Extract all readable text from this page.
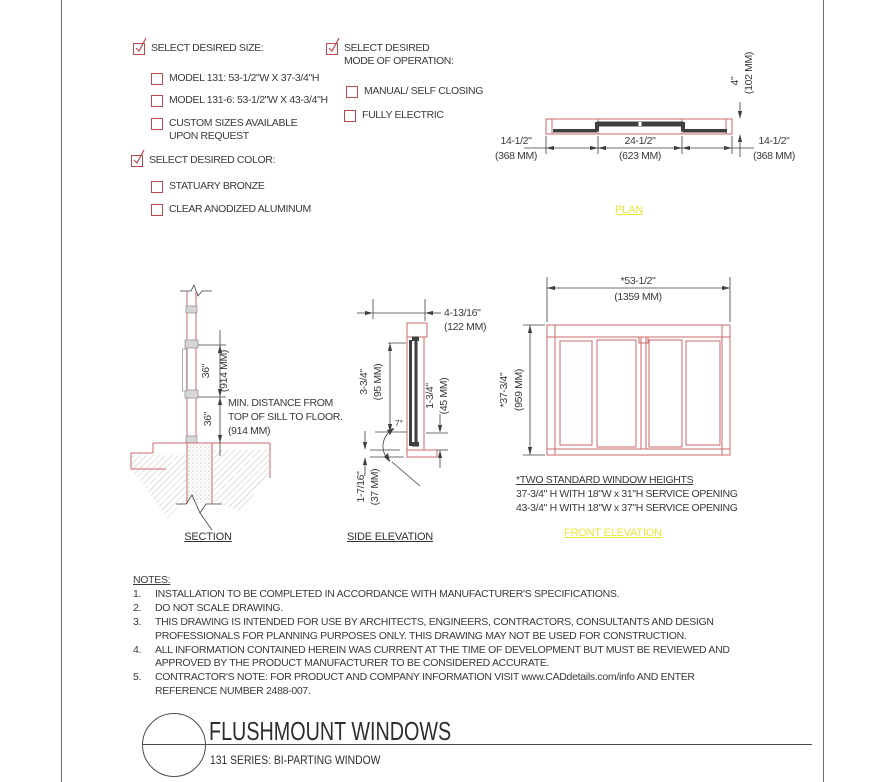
SELECT DESIRED SIZE:
MODEL 131: 53-1/2"W X 37-3/4"H
MODEL 131-6: 53-1/2"W X 43-3/4"H
CUSTOM SIZES AVAILABLE
UPON REQUEST
SELECT DESIRED COLOR:
STATUARY BRONZE
CLEAR ANODIZED ALUMINUM
SELECT DESIRED
MODE OF OPERATION:
MANUAL/ SELF CLOSING
FULLY ELECTRIC
14-1/2"
(368 MM)
24-1/2"
(623 MM)
14-1/2"
(368 MM)
4" (102 MM)
PLAN
36" (914 MM)
36"
MIN. DISTANCE FROM
TOP OF SILL TO FLOOR.
(914 MM)
SECTION
4-13/16"
(122 MM)
3-3/4" (95 MM)	1-3/4" (45 MM)
1-7/16" (37 MM)
7°
SIDE ELEVATION
*53-1/2"
(1359 MM)
*37-3/4" (959 MM)
*TWO STANDARD WINDOW HEIGHTS
37-3/4" H WITH 18"W x 31"H SERVICE OPENING
43-3/4" H WITH 18"W x 37"H SERVICE OPENING
FRONT ELEVATION
NOTES:
1.	INSTALLATION TO BE COMPLETED IN ACCORDANCE WITH MANUFACTURER'S SPECIFICATIONS.
2.	DO NOT SCALE DRAWING.
3.	THIS DRAWING IS INTENDED FOR USE BY ARCHITECTS, ENGINEERS, CONTRACTORS, CONSULTANTS AND DESIGN
PROFESSIONALS FOR PLANNING PURPOSES ONLY. THIS DRAWING MAY NOT BE USED FOR CONSTRUCTION.
4.	ALL INFORMATION CONTAINED HEREIN WAS CURRENT AT THE TIME OF DEVELOPMENT BUT MUST BE REVIEWED AND
APPROVED BY THE PRODUCT MANUFACTURER TO BE CONSIDERED ACCURATE.
5.	CONTRACTOR'S NOTE: FOR PRODUCT AND COMPANY INFORMATION VISIT www.CADdetails.com/info AND ENTER
REFERENCE NUMBER 2488-007.
FLUSHMOUNT WINDOWS
131 SERIES: BI-PARTING WINDOW
